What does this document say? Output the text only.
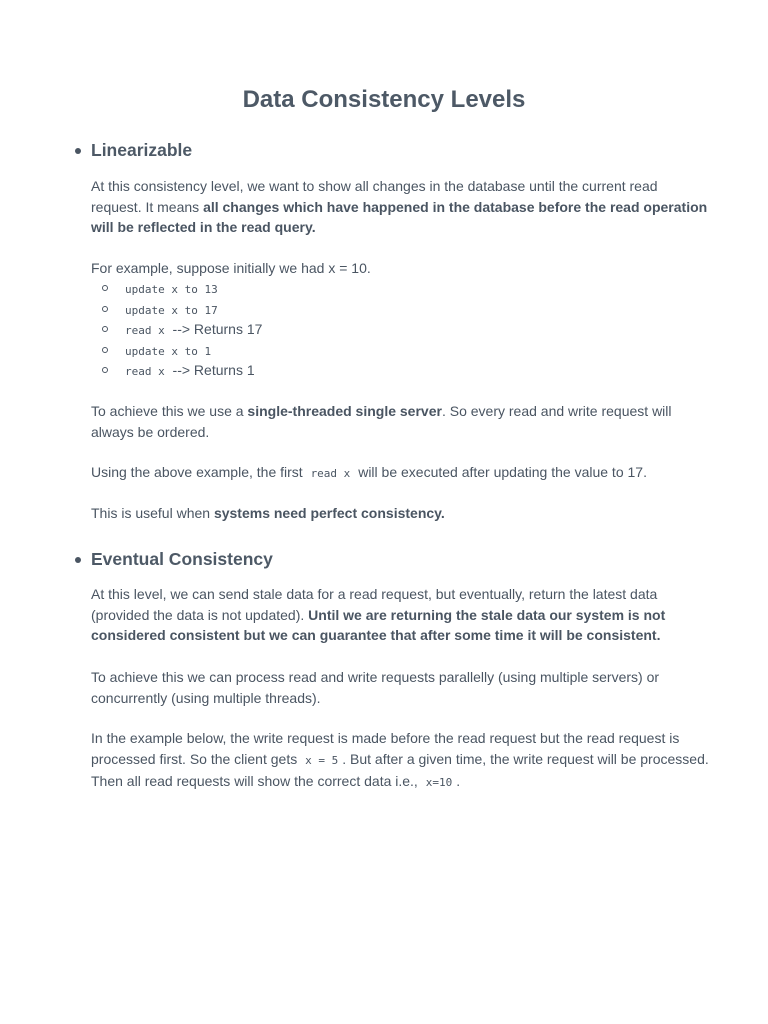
Data Consistency Levels
Linearizable

At this consistency level, we want to show all changes in the database until the current read request. It means all changes which have happened in the database before the read operation will be reflected in the read query.

For example, suppose initially we had x = 10.

update x to 13
update x to 17
read x --> Returns 17
update x to 1
read x --> Returns 1

To achieve this we use a single-threaded single server. So every read and write request will always be ordered.

Using the above example, the first read x will be executed after updating the value to 17.

This is useful when systems need perfect consistency.

Eventual Consistency

At this level, we can send stale data for a read request, but eventually, return the latest data (provided the data is not updated). Until we are returning the stale data our system is not considered consistent but we can guarantee that after some time it will be consistent.

To achieve this we can process read and write requests parallelly (using multiple servers) or concurrently (using multiple threads).

In the example below, the write request is made before the read request but the read request is processed first. So the client gets x = 5 . But after a given time, the write request will be processed. Then all read requests will show the correct data i.e., x=10 .
